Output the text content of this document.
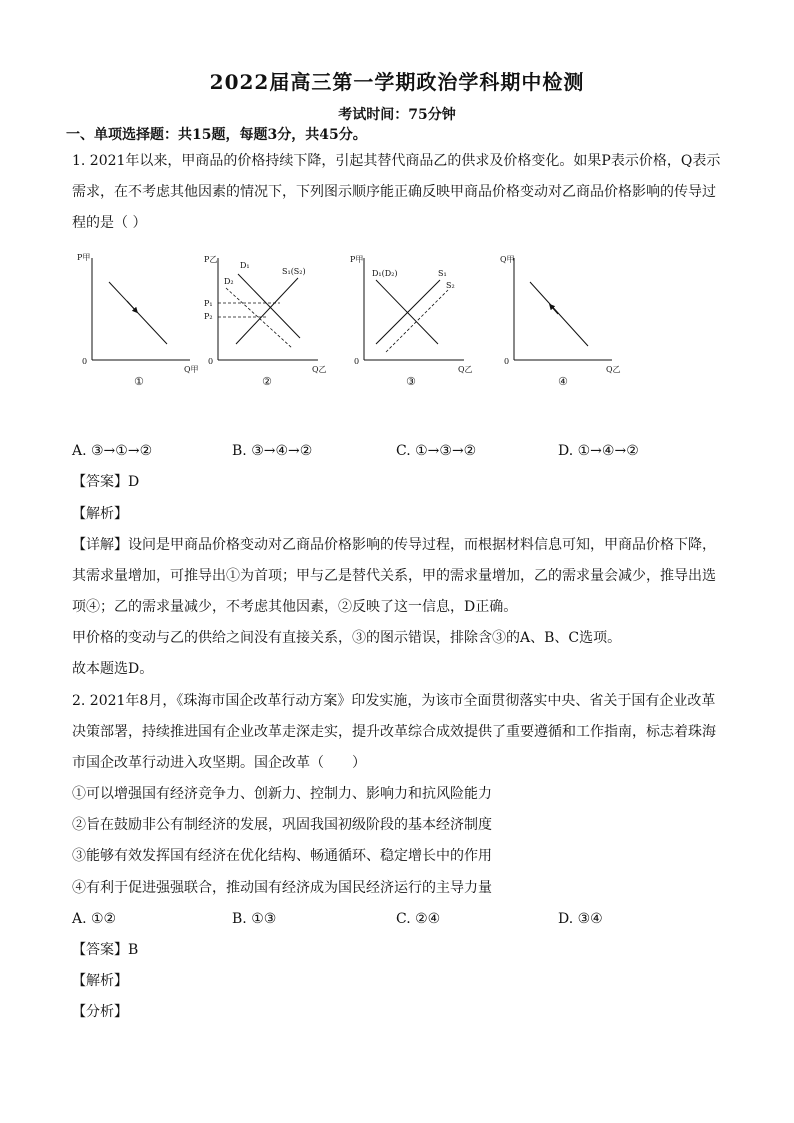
2022届高三第一学期政治学科期中检测
考试时间：75分钟
一、单项选择题：共15题，每题3分，共45分。
1. 2021年以来，甲商品的价格持续下降，引起其替代商品乙的供求及价格变化。如果P表示价格，Q表示
需求，在不考虑其他因素的情况下，下列图示顺序能正确反映甲商品价格变动对乙商品价格影响的传导过
程的是（ ）
P甲
Q甲
0
①
P乙
Q乙
0
D₁
D₂
S₁(S₂)
P₁
P₂
②
P甲
Q乙
0
D₁(D₂)	S₁
S₂
③
Q甲
Q乙
0
④
A. ③→①→②	B. ③→④→②	C. ①→③→②	D. ①→④→②
【答案】D
【解析】
【详解】设问是甲商品价格变动对乙商品价格影响的传导过程，而根据材料信息可知，甲商品价格下降，
其需求量增加，可推导出①为首项；甲与乙是替代关系，甲的需求量增加，乙的需求量会减少，推导出选
项④；乙的需求量减少，不考虑其他因素，②反映了这一信息，D正确。
甲价格的变动与乙的供给之间没有直接关系，③的图示错误，排除含③的A、B、C选项。
故本题选D。
2. 2021年8月，《珠海市国企改革行动方案》印发实施，为该市全面贯彻落实中央、省关于国有企业改革
决策部署，持续推进国有企业改革走深走实，提升改革综合成效提供了重要遵循和工作指南，标志着珠海
市国企改革行动进入攻坚期。国企改革（　　）
①可以增强国有经济竞争力、创新力、控制力、影响力和抗风险能力
②旨在鼓励非公有制经济的发展，巩固我国初级阶段的基本经济制度
③能够有效发挥国有经济在优化结构、畅通循环、稳定增长中的作用
④有利于促进强强联合，推动国有经济成为国民经济运行的主导力量
A. ①②	B. ①③	C. ②④	D. ③④
【答案】B
【解析】
【分析】
